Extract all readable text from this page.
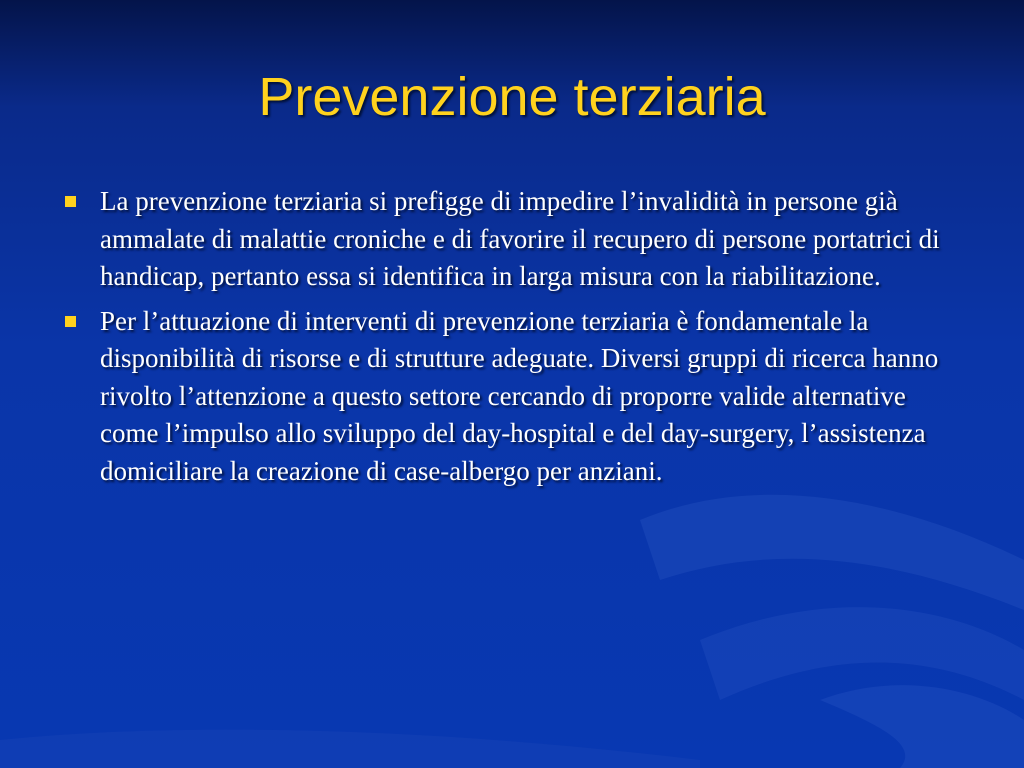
Prevenzione terziaria
La prevenzione terziaria si prefigge di impedire l’invalidità in persone già ammalate di malattie croniche e di favorire il recupero di persone portatrici di handicap, pertanto essa si identifica in larga misura con la riabilitazione.
Per l’attuazione di interventi di prevenzione terziaria è fondamentale la disponibilità di risorse e di strutture adeguate. Diversi gruppi di ricerca hanno rivolto l’attenzione a questo settore cercando di proporre valide alternative come l’impulso allo sviluppo del day-hospital e del day-surgery, l’assistenza domiciliare la creazione di case-albergo per anziani.
